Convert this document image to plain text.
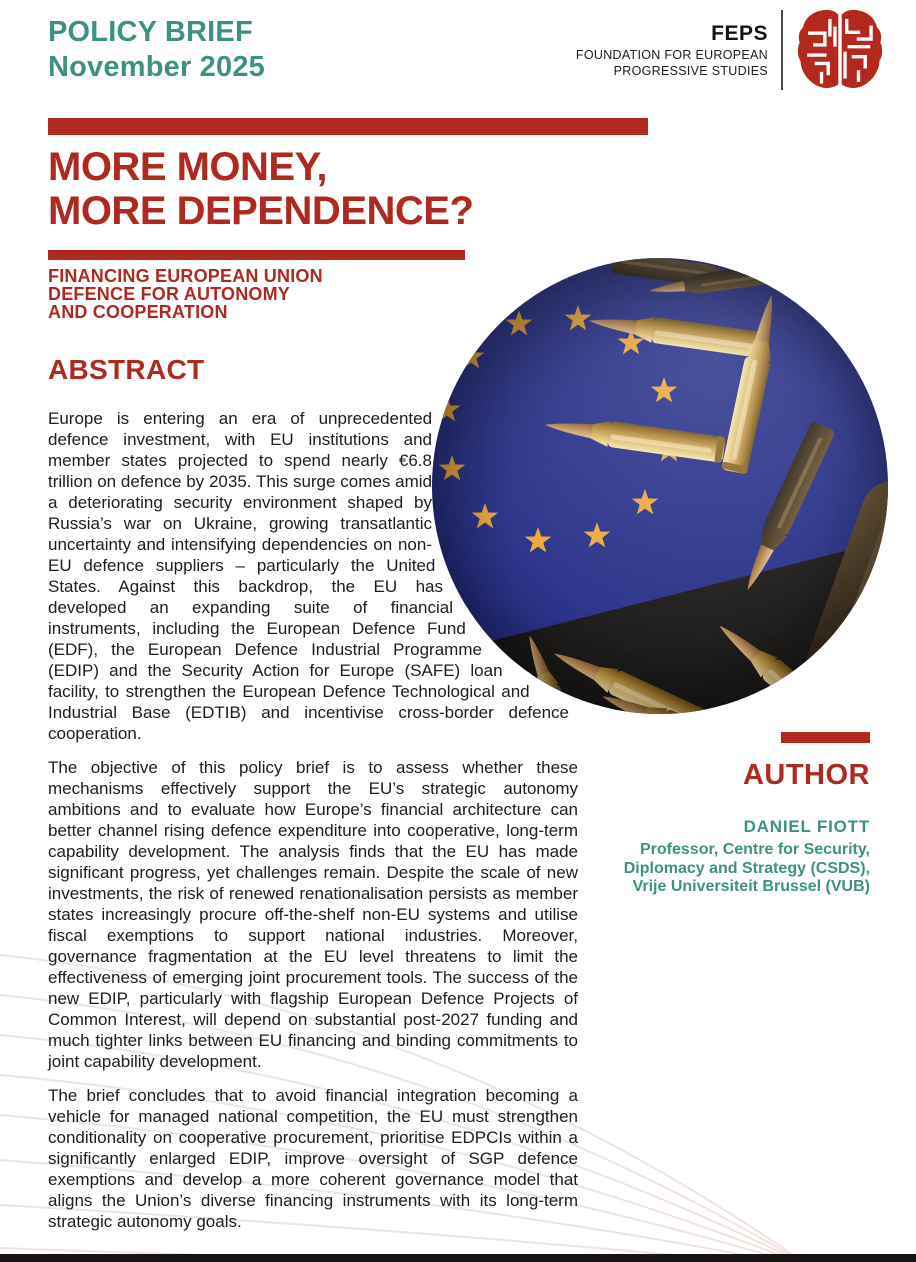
POLICY BRIEF
November 2025
FEPS
FOUNDATION FOR EUROPEAN
PROGRESSIVE STUDIES
MORE MONEY,
MORE DEPENDENCE?
FINANCING EUROPEAN UNION
DEFENCE FOR AUTONOMY
AND COOPERATION
ABSTRACT

Europe is entering an era of unprecedented defence investment, with EU institutions and member states projected to spend nearly €6.8 trillion on defence by 2035. This surge comes amid a deteriorating security environment shaped by Russia’s war on Ukraine, growing transatlantic uncertainty and intensifying dependencies on non-EU defence suppliers – particularly the United States. Against this backdrop, the EU has developed an expanding suite of financial instruments, including the European Defence Fund (EDF), the European Defence Industrial Programme (EDIP) and the Security Action for Europe (SAFE) loan facility, to strengthen the European Defence Technological and Industrial Base (EDTIB) and incentivise cross-border defence cooperation.

The objective of this policy brief is to assess whether these mechanisms effectively support the EU’s strategic autonomy ambitions and to evaluate how Europe’s financial architecture can better channel rising defence expenditure into cooperative, long-term capability development. The analysis finds that the EU has made significant progress, yet challenges remain. Despite the scale of new investments, the risk of renewed renationalisation persists as member states increasingly procure off-the-shelf non-EU systems and utilise fiscal exemptions to support national industries. Moreover, governance fragmentation at the EU level threatens to limit the effectiveness of emerging joint procurement tools. The success of the new EDIP, particularly with flagship European Defence Projects of Common Interest, will depend on substantial post-2027 funding and much tighter links between EU financing and binding commitments to joint capability development.

The brief concludes that to avoid financial integration becoming a vehicle for managed national competition, the EU must strengthen conditionality on cooperative procurement, prioritise EDPCIs within a significantly enlarged EDIP, improve oversight of SGP defence exemptions and develop a more coherent governance model that aligns the Union’s diverse financing instruments with its long-term strategic autonomy goals.

AUTHOR
DANIEL FIOTT
Professor, Centre for Security,
Diplomacy and Strategy (CSDS),
Vrije Universiteit Brussel (VUB)
